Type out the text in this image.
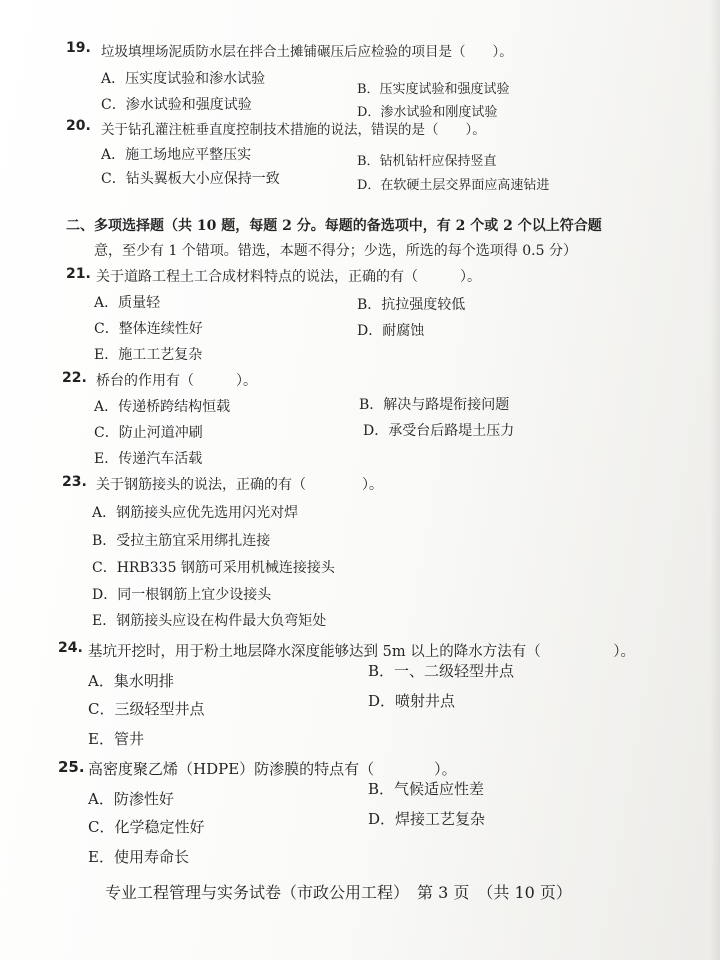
19. 垃圾填埋场泥质防水层在拌合土摊铺碾压后应检验的项目是（　　）。
A．压实度试验和渗水试验
B．压实度试验和强度试验
C．渗水试验和强度试验	D．渗水试验和刚度试验
20. 关于钻孔灌注桩垂直度控制技术措施的说法，错误的是（　　）。
A．施工场地应平整压实	B．钻机钻杆应保持竖直
C．钻头翼板大小应保持一致	D．在软硬土层交界面应高速钻进
二、多项选择题（共 10 题，每题 2 分。每题的备选项中，有 2 个或 2 个以上符合题
意，至少有 1 个错项。错选，本题不得分；少选，所选的每个选项得 0.5 分）
21. 关于道路工程土工合成材料特点的说法，正确的有（　　　）。
A．质量轻	B．抗拉强度较低
C．整体连续性好	D．耐腐蚀
E．施工工艺复杂
22. 桥台的作用有（　　　）。
A．传递桥跨结构恒载	B．解决与路堤衔接问题
C．防止河道冲刷	D．承受台后路堤土压力
E．传递汽车活载
23. 关于钢筋接头的说法，正确的有（　　　　）。
A．钢筋接头应优先选用闪光对焊
B．受拉主筋宜采用绑扎连接
C．HRB335 钢筋可采用机械连接接头
D．同一根钢筋上宜少设接头
E．钢筋接头应设在构件最大负弯矩处
24. 基坑开挖时，用于粉土地层降水深度能够达到 5m 以上的降水方法有（　　　　　）。
A．集水明排
B．一、二级轻型井点
C．三级轻型井点	D．喷射井点
E．管井
25. 高密度聚乙烯（HDPE）防渗膜的特点有（　　　　）。
A．防渗性好
B．气候适应性差
C．化学稳定性好	D．焊接工艺复杂
E．使用寿命长
专业工程管理与实务试卷（市政公用工程）　第 3 页　（共 10 页）
